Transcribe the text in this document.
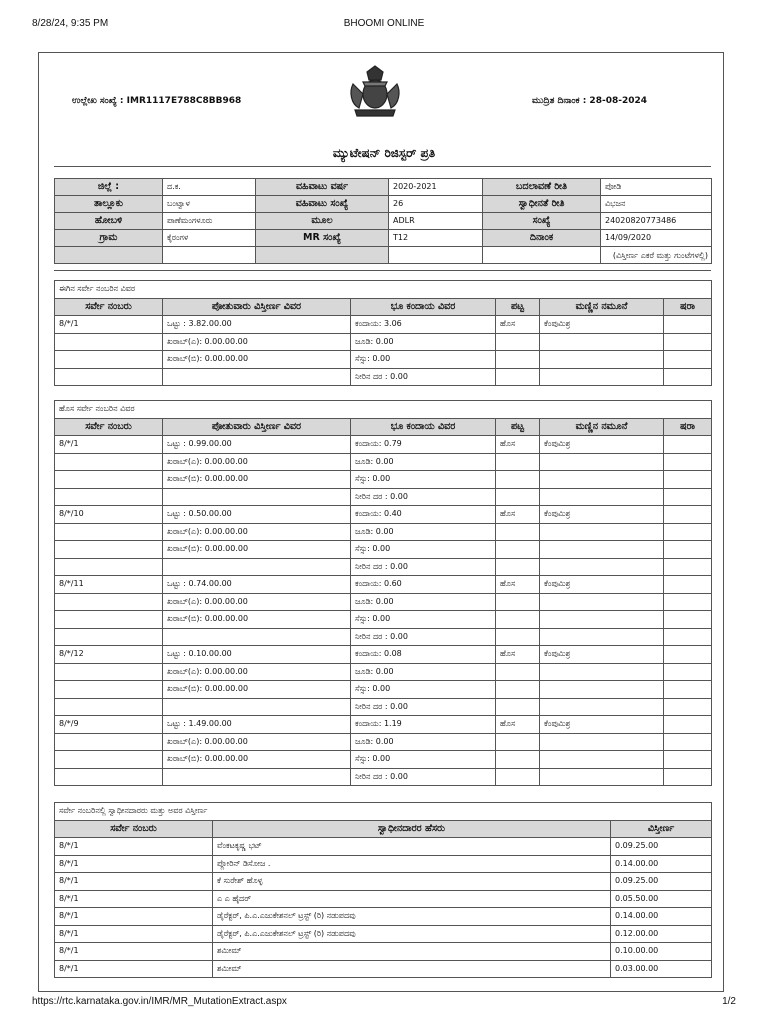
8/28/24, 9:35 PM	BHOOMI ONLINE
ಉಲ್ಲೇಖ ಸಂಖ್ಯೆ : IMR1117E788C8BB968	ಮುದ್ರಿತ ದಿನಾಂಕ : 28-08-2024
ಮ್ಯುಟೇಷನ್ ರಿಜಿಸ್ಟರ್ ಪ್ರತಿ
ಜಿಲ್ಲೆ :	ದ.ಕ.	ವಹಿವಾಟು ವರ್ಷ	2020-2021	ಬದಲಾವಣೆ ರೀತಿ	ಪೋಡಿ
ತಾಲ್ಲೂಕು	ಬಂಟ್ವಾಳ	ವಹಿವಾಟು ಸಂಖ್ಯೆ	26	ಸ್ವಾಧೀನತೆ ರೀತಿ	ವಿಭಜನ
ಹೋಬಳಿ	ಪಾಣೆಮಂಗಳೂರು	ಮೂಲ	ADLR	ಸಂಖ್ಯೆ	24020820773486
ಗ್ರಾಮ	ಕೈರಂಗಳ	MR ಸಂಖ್ಯೆ	T12	ದಿನಾಂಕ	14/09/2020

(ವಿಸ್ತೀರ್ಣ ಎಕರೆ ಮತ್ತು ಗುಂಟೆಗಳಲ್ಲಿ)
ಈಗಿನ ಸರ್ವೇ ನಂಬರಿನ ವಿವರ					
ಸರ್ವೇ ನಂಬರು	ಪೋತುವಾರು ವಿಸ್ತೀರ್ಣ ವಿವರ	ಭೂ ಕಂದಾಯ ವಿವರ	ಪಟ್ಟ	ಮಣ್ಣಿನ ನಮೂನೆ	ಷರಾ
8/*/1	ಒಟ್ಟು : 3.82.00.00	ಕಂದಾಯ: 3.06	ಹೊಸ	ಕೆಂಪುಮಿಶ್ರ	
	ಖರಾಬ್(ಎ): 0.00.00.00	ಜೂಡಿ: 0.00			
	ಖರಾಬ್(ಬಿ): 0.00.00.00	ಸೆಸ್ಸು: 0.00			
		ನೀರಿನ ದರ : 0.00			
ಹೊಸ ಸರ್ವೇ ನಂಬರಿನ ವಿವರ					
ಸರ್ವೇ ನಂಬರು	ಪೋತುವಾರು ವಿಸ್ತೀರ್ಣ ವಿವರ	ಭೂ ಕಂದಾಯ ವಿವರ	ಪಟ್ಟ	ಮಣ್ಣಿನ ನಮೂನೆ	ಷರಾ
8/*/1	ಒಟ್ಟು : 0.99.00.00	ಕಂದಾಯ: 0.79	ಹೊಸ	ಕೆಂಪುಮಿಶ್ರ	
	ಖರಾಬ್(ಎ): 0.00.00.00	ಜೂಡಿ: 0.00			
	ಖರಾಬ್(ಬಿ): 0.00.00.00	ಸೆಸ್ಸು: 0.00			
		ನೀರಿನ ದರ : 0.00			
8/*/10	ಒಟ್ಟು : 0.50.00.00	ಕಂದಾಯ: 0.40	ಹೊಸ	ಕೆಂಪುಮಿಶ್ರ	
	ಖರಾಬ್(ಎ): 0.00.00.00	ಜೂಡಿ: 0.00			
	ಖರಾಬ್(ಬಿ): 0.00.00.00	ಸೆಸ್ಸು: 0.00			
		ನೀರಿನ ದರ : 0.00			
8/*/11	ಒಟ್ಟು : 0.74.00.00	ಕಂದಾಯ: 0.60	ಹೊಸ	ಕೆಂಪುಮಿಶ್ರ	
	ಖರಾಬ್(ಎ): 0.00.00.00	ಜೂಡಿ: 0.00			
	ಖರಾಬ್(ಬಿ): 0.00.00.00	ಸೆಸ್ಸು: 0.00			
		ನೀರಿನ ದರ : 0.00			
8/*/12	ಒಟ್ಟು : 0.10.00.00	ಕಂದಾಯ: 0.08	ಹೊಸ	ಕೆಂಪುಮಿಶ್ರ	
	ಖರಾಬ್(ಎ): 0.00.00.00	ಜೂಡಿ: 0.00			
	ಖರಾಬ್(ಬಿ): 0.00.00.00	ಸೆಸ್ಸು: 0.00			
		ನೀರಿನ ದರ : 0.00			
8/*/9	ಒಟ್ಟು : 1.49.00.00	ಕಂದಾಯ: 1.19	ಹೊಸ	ಕೆಂಪುಮಿಶ್ರ	
	ಖರಾಬ್(ಎ): 0.00.00.00	ಜೂಡಿ: 0.00			
	ಖರಾಬ್(ಬಿ): 0.00.00.00	ಸೆಸ್ಸು: 0.00			
		ನೀರಿನ ದರ : 0.00			
ಸರ್ವೇ ನಂಬರಿನಲ್ಲಿ ಸ್ವಾಧೀನದಾರರು ಮತ್ತು ಅವರ ವಿಸ್ತೀರ್ಣ		
ಸರ್ವೇ ನಂಬರು	ಸ್ವಾಧೀನದಾರರ ಹೆಸರು	ವಿಸ್ತೀರ್ಣ
8/*/1	ವೆಂಕಟಕೃಷ್ಣ ಭಟ್	0.09.25.00
8/*/1	ಪ್ಲೋರಿನ್ ಡಿಸೋಜ .	0.14.00.00
8/*/1	ಕೆ ಸುರೇಶ್ ಹೊಳ್ಳ	0.09.25.00
8/*/1	ಎ ಎ ಹೈದರ್	0.05.50.00
8/*/1	ಡೈರೆಕ್ಟರ್, ಪಿ.ಎ.ಎಜುಕೇಶನಲ್ ಟ್ರಸ್ಟ್ (ರಿ) ನಡುಪದವು	0.14.00.00
8/*/1	ಡೈರೆಕ್ಟರ್, ಪಿ.ಎ.ಎಜುಕೇಶನಲ್ ಟ್ರಸ್ಟ್ (ರಿ) ನಡುಪದವು	0.12.00.00
8/*/1	ಶಮೀಮ್	0.10.00.00
8/*/1	ಶಮೀಮ್	0.03.00.00
https://rtc.karnataka.gov.in/IMR/MR_MutationExtract.aspx	1/2
